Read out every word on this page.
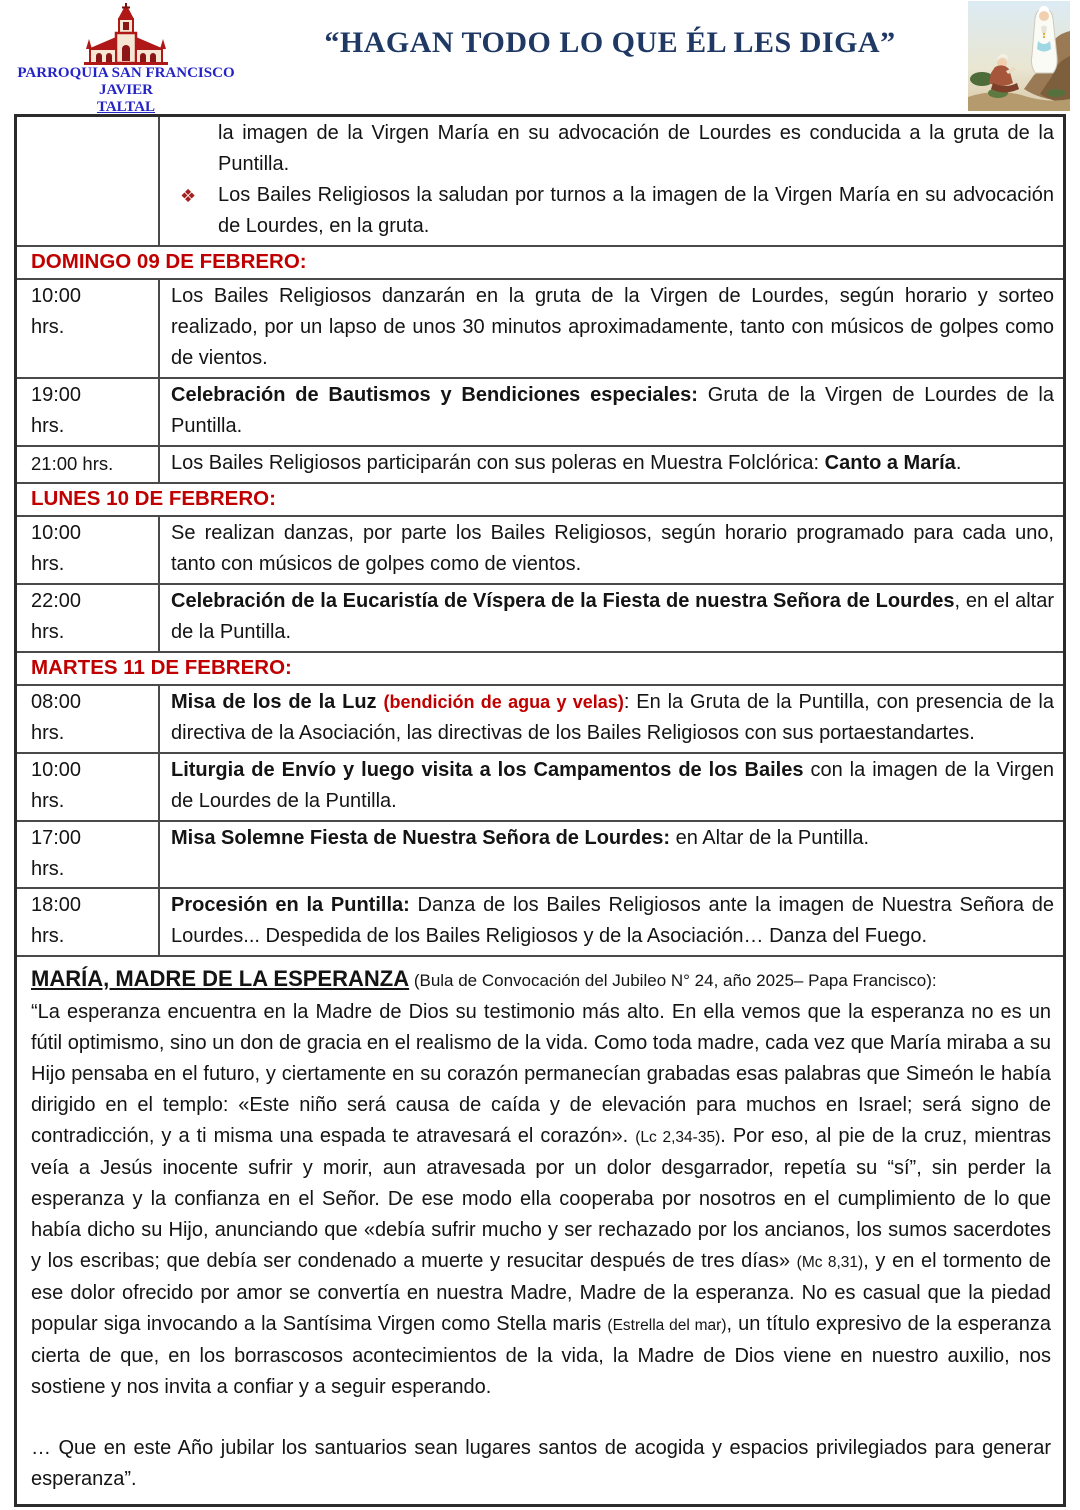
PARROQUIA SAN FRANCISCO JAVIER
TALTAL
“HAGAN TODO LO QUE ÉL LES DIGA”
la imagen de la Virgen María en su advocación de Lourdes es conducida a la gruta de la Puntilla.
❖ Los Bailes Religiosos la saludan por turnos a la imagen de la Virgen María en su advocación de Lourdes, en la gruta.
DOMINGO 09 DE FEBRERO:
10:00
hrs.
Los Bailes Religiosos danzarán en la gruta de la Virgen de Lourdes, según horario y sorteo realizado, por un lapso de unos 30 minutos aproximadamente, tanto con músicos de golpes como de vientos.
19:00
hrs.
Celebración de Bautismos y Bendiciones especiales: Gruta de la Virgen de Lourdes de la Puntilla.
21:00 hrs.	Los Bailes Religiosos participarán con sus poleras en Muestra Folclórica: Canto a María.
LUNES 10 DE FEBRERO:
10:00
hrs.
Se realizan danzas, por parte los Bailes Religiosos, según horario programado para cada uno, tanto con músicos de golpes como de vientos.
22:00
hrs.
Celebración de la Eucaristía de Víspera de la Fiesta de nuestra Señora de Lourdes, en el altar de la Puntilla.
MARTES 11 DE FEBRERO:
08:00
hrs.
Misa de los de la Luz (bendición de agua y velas): En la Gruta de la Puntilla, con presencia de la directiva de la Asociación, las directivas de los Bailes Religiosos con sus portaestandartes.
10:00
hrs.
Liturgia de Envío y luego visita a los Campamentos de los Bailes con la imagen de la Virgen de Lourdes de la Puntilla.
17:00
hrs.
Misa Solemne Fiesta de Nuestra Señora de Lourdes: en Altar de la Puntilla.
18:00
hrs.
Procesión en la Puntilla: Danza de los Bailes Religiosos ante la imagen de Nuestra Señora de Lourdes... Despedida de los Bailes Religiosos y de la Asociación… Danza del Fuego.
MARÍA, MADRE DE LA ESPERANZA (Bula de Convocación del Jubileo N° 24, año 2025– Papa Francisco):

“La esperanza encuentra en la Madre de Dios su testimonio más alto. En ella vemos que la esperanza no es un fútil optimismo, sino un don de gracia en el realismo de la vida. Como toda madre, cada vez que María miraba a su Hijo pensaba en el futuro, y ciertamente en su corazón permanecían grabadas esas palabras que Simeón le había dirigido en el templo: «Este niño será causa de caída y de elevación para muchos en Israel; será signo de contradicción, y a ti misma una espada te atravesará el corazón». (Lc 2,34-35). Por eso, al pie de la cruz, mientras veía a Jesús inocente sufrir y morir, aun atravesada por un dolor desgarrador, repetía su “sí”, sin perder la esperanza y la confianza en el Señor. De ese modo ella cooperaba por nosotros en el cumplimiento de lo que había dicho su Hijo, anunciando que «debía sufrir mucho y ser rechazado por los ancianos, los sumos sacerdotes y los escribas; que debía ser condenado a muerte y resucitar después de tres días» (Mc 8,31), y en el tormento de ese dolor ofrecido por amor se convertía en nuestra Madre, Madre de la esperanza. No es casual que la piedad popular siga invocando a la Santísima Virgen como Stella maris (Estrella del mar), un título expresivo de la esperanza cierta de que, en los borrascosos acontecimientos de la vida, la Madre de Dios viene en nuestro auxilio, nos sostiene y nos invita a confiar y a seguir esperando.

… Que en este Año jubilar los santuarios sean lugares santos de acogida y espacios privilegiados para generar esperanza”.
